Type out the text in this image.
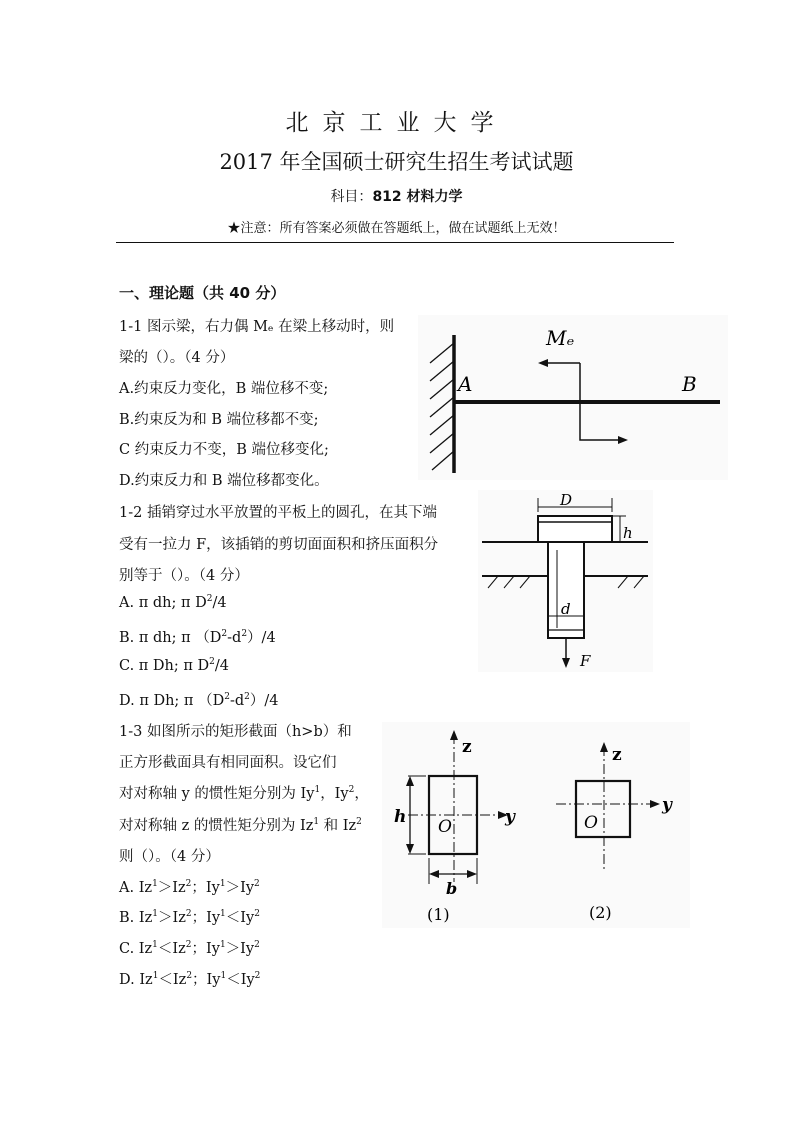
北京工业大学
2017 年全国硕士研究生招生考试试题
科目：812 材料力学
★注意：所有答案必须做在答题纸上，做在试题纸上无效！
一、理论题（共 40 分）
1-1 图示梁，右力偶 Mₑ 在梁上移动时，则
梁的（）。（4 分）
A.约束反力变化，B 端位移不变;
B.约束反为和 B 端位移都不变;
C 约束反力不变，B 端位移变化;
D.约束反力和 B 端位移都变化。
Mₑ
A	B
1-2 插销穿过水平放置的平板上的圆孔，在其下端
受有一拉力 F，该插销的剪切面面积和挤压面积分
别等于（）。（4 分）
A. π dh; π $D^2/4$
B. π dh; π $(D^2-d^2)/4$
C. π Dh; π $D^2/4$
D. π Dh; π $(D^2-d^2)/4$
D
h
d
F
1-3 如图所示的矩形截面（h>b）和
正方形截面具有相同面积。设它们
对对称轴 y 的惯性矩分别为 Iy$^1$，Iy$^2$，
对对称轴 z 的惯性矩分别为 Iz$^1$ 和 Iz$^2$
则（）。（4 分）
A. $Iz^1>Iz^2$；$Iy^1>Iy^2$
B. $Iz^1>Iz^2$；$Iy^1<Iy^2$
C. $Iz^1<Iz^2$；$Iy^1>Iy^2$
D. $Iz^1<Iz^2$；$Iy^1<Iy^2$
z
y
O
h
b
(1)
z
y
O
(2)
